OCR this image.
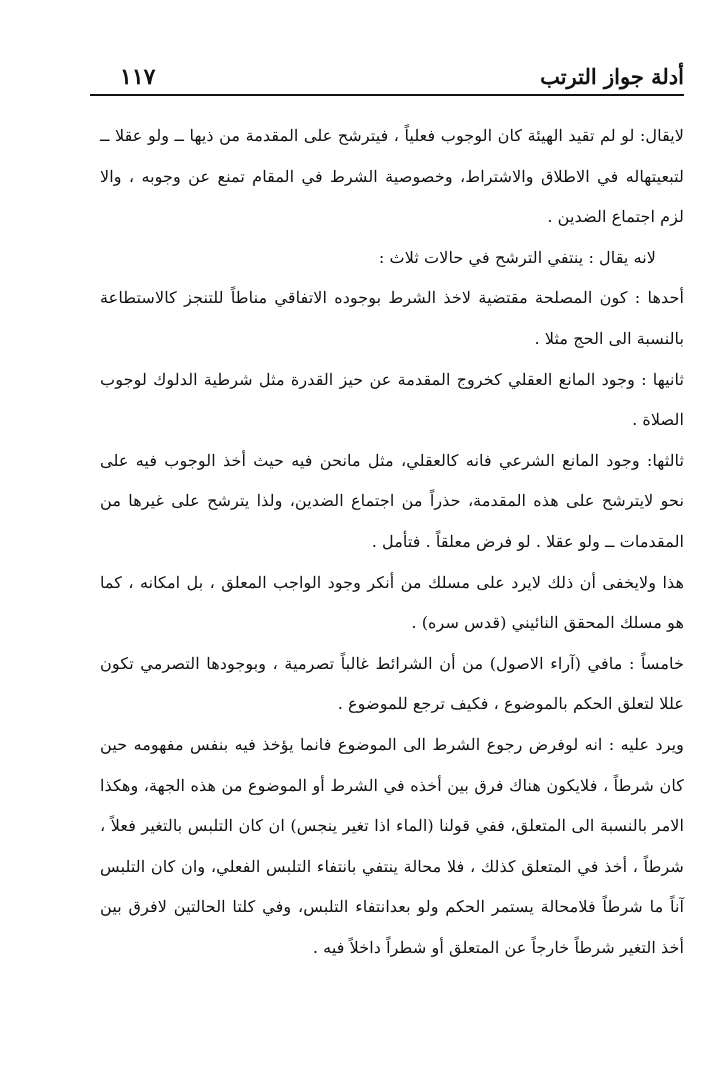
أدلة جواز الترتب
١١٧

لايقال: لو لم تقيد الهيئة كان الوجوب فعلياً ، فيترشح على المقدمة من ذيها ــ ولو عقلا ــ لتبعيتهاله في الاطلاق والاشتراط، وخصوصية الشرط في المقام تمنع عن وجوبه ، والا لزم اجتماع الضدين .

لانه يقال : ينتفي الترشح في حالات ثلاث :

أحدها : كون المصلحة مقتضية لاخذ الشرط بوجوده الاتفاقي مناطاً للتنجز كالاستطاعة بالنسبة الى الحج مثلا .

ثانيها : وجود المانع العقلي كخروج المقدمة عن حيز القدرة مثل شرطية الدلوك لوجوب الصلاة .

ثالثها: وجود المانع الشرعي فانه كالعقلي، مثل مانحن فيه حيث أخذ الوجوب فيه على نحو لايترشح على هذه المقدمة، حذراً من اجتماع الضدين، ولذا يترشح على غيرها من المقدمات ــ ولو عقلا . لو فرض معلقاً . فتأمل .

هذا ولايخفى أن ذلك لايرد على مسلك من أنكر وجود الواجب المعلق ، بل امكانه ، كما هو مسلك المحقق النائيني (قدس سره) .

خامساً : مافي (آراء الاصول) من أن الشرائط غالباً تصرمية ، وبوجودها التصرمي تكون عللا لتعلق الحكم بالموضوع ، فكيف ترجع للموضوع .

ويرد عليه : انه لوفرض رجوع الشرط الى الموضوع فانما يؤخذ فيه بنفس مفهومه حين كان شرطاً ، فلايكون هناك فرق بين أخذه في الشرط أو الموضوع من هذه الجهة، وهكذا الامر بالنسبة الى المتعلق، ففي قولنا (الماء اذا تغير ينجس) ان كان التلبس بالتغير فعلاً ، شرطاً ، أخذ في المتعلق كذلك ، فلا محالة ينتفي بانتفاء التلبس الفعلي، وان كان التلبس آناً ما شرطاً فلامحالة يستمر الحكم ولو بعدانتفاء التلبس، وفي كلتا الحالتين لافرق بين أخذ التغير شرطاً خارجاً عن المتعلق أو شطراً داخلاً فيه .
